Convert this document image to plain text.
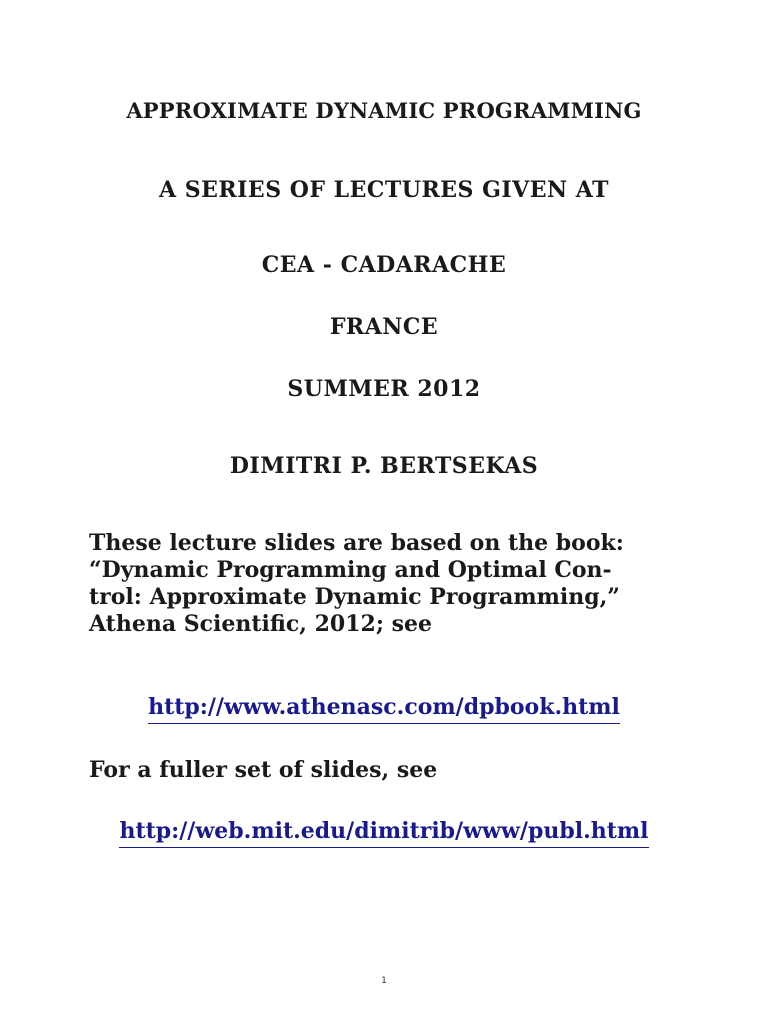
APPROXIMATE DYNAMIC PROGRAMMING
A SERIES OF LECTURES GIVEN AT
CEA - CADARACHE
FRANCE
SUMMER 2012
DIMITRI P. BERTSEKAS
These lecture slides are based on the book:
“Dynamic Programming and Optimal Con-
trol: Approximate Dynamic Programming,”
Athena Scientific, 2012; see
http://www.athenasc.com/dpbook.html
For a fuller set of slides, see
http://web.mit.edu/dimitrib/www/publ.html
1
